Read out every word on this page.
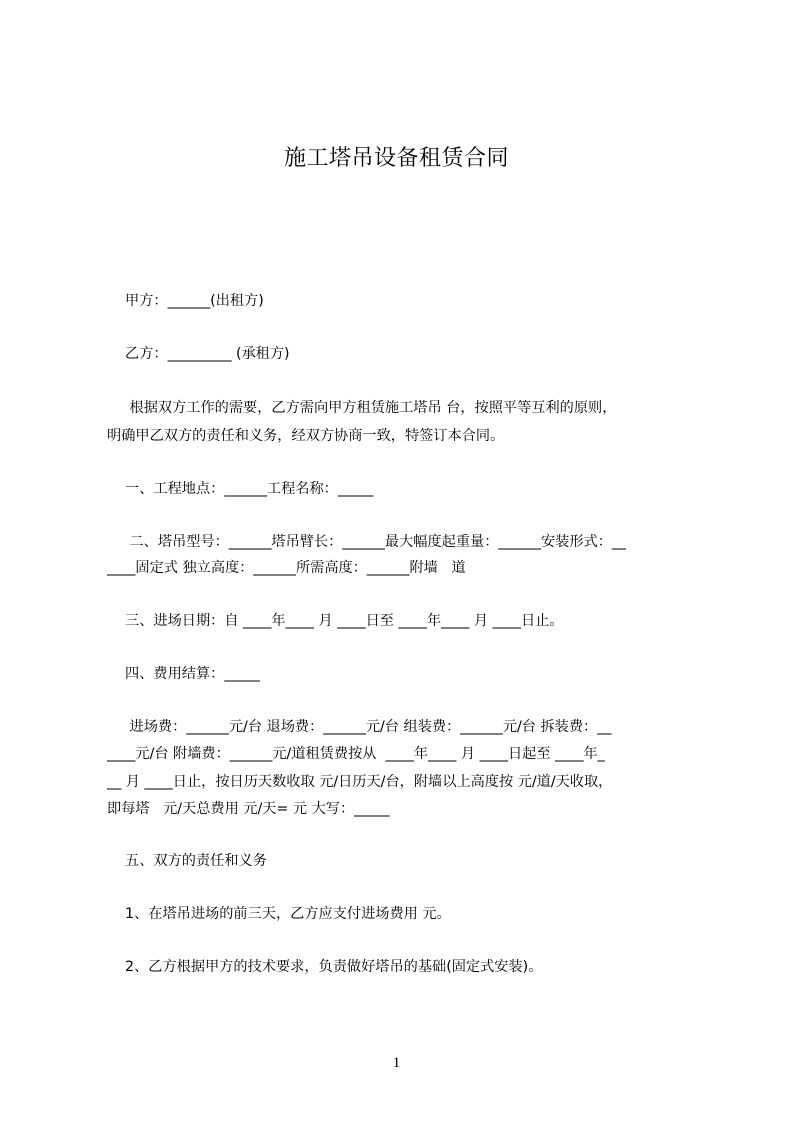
施工塔吊设备租赁合同
甲方：______(出租方)
乙方：_________ (承租方)
根据双方工作的需要，乙方需向甲方租赁施工塔吊 台，按照平等互利的原则，
明确甲乙双方的责任和义务，经双方协商一致，特签订本合同。
一、工程地点：______工程名称：_____
二、塔吊型号：______塔吊臂长：______最大幅度起重量：______安装形式：__
____固定式 独立高度：______所需高度：______附墙   道
三、进场日期：自 ____年____ 月 ____日至 ____年____ 月 ____日止。
四、费用结算：_____
进场费：______元/台 退场费：______元/台 组装费：______元/台 拆装费：__
____元/台 附墙费：______元/道租赁费按从  ____年____ 月 ____日起至 ____年_
__ 月 ____日止，按日历天数收取 元/日历天/台，附墙以上高度按 元/道/天收取，
即每塔   元/天总费用 元/天= 元 大写：_____
五、双方的责任和义务
1、在塔吊进场的前三天，乙方应支付进场费用 元。
2、乙方根据甲方的技术要求，负责做好塔吊的基础(固定式安装)。
1
